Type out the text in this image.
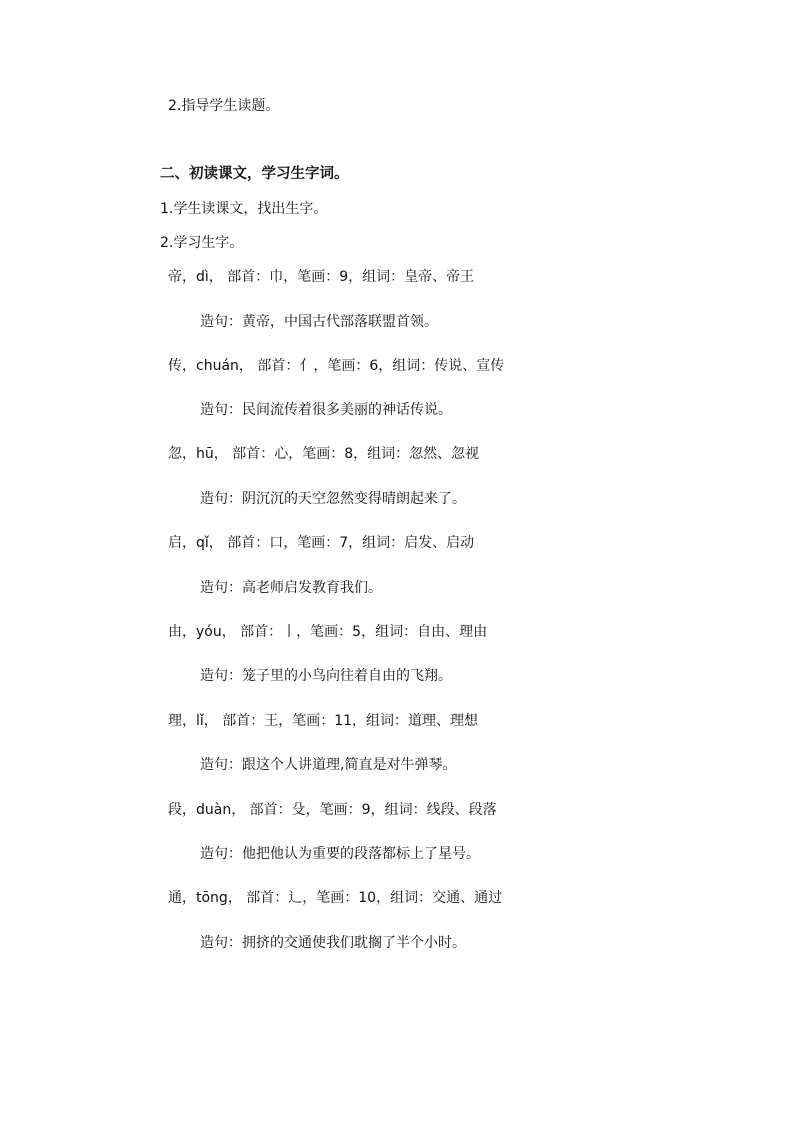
2.指导学生读题。
二、初读课文，学习生字词。
1.学生读课文，找出生字。
2.学习生字。
帝，dì， 部首：巾，笔画：9，组词：皇帝、帝王
造句：黄帝，中国古代部落联盟首领。
传，chuán， 部首：亻，笔画：6，组词：传说、宣传
造句：民间流传着很多美丽的神话传说。
忽，hū， 部首：心，笔画：8，组词：忽然、忽视
造句：阴沉沉的天空忽然变得晴朗起来了。
启，qǐ， 部首：口，笔画：7，组词：启发、启动
造句：高老师启发教育我们。
由，yóu， 部首：丨，笔画：5，组词：自由、理由
造句：笼子里的小鸟向往着自由的飞翔。
理，lǐ， 部首：王，笔画：11，组词：道理、理想
造句：跟这个人讲道理,简直是对牛弹琴。
段，duàn， 部首：殳，笔画：9，组词：线段、段落
造句：他把他认为重要的段落都标上了星号。
通，tōng， 部首：辶，笔画：10，组词：交通、通过
造句：拥挤的交通使我们耽搁了半个小时。
